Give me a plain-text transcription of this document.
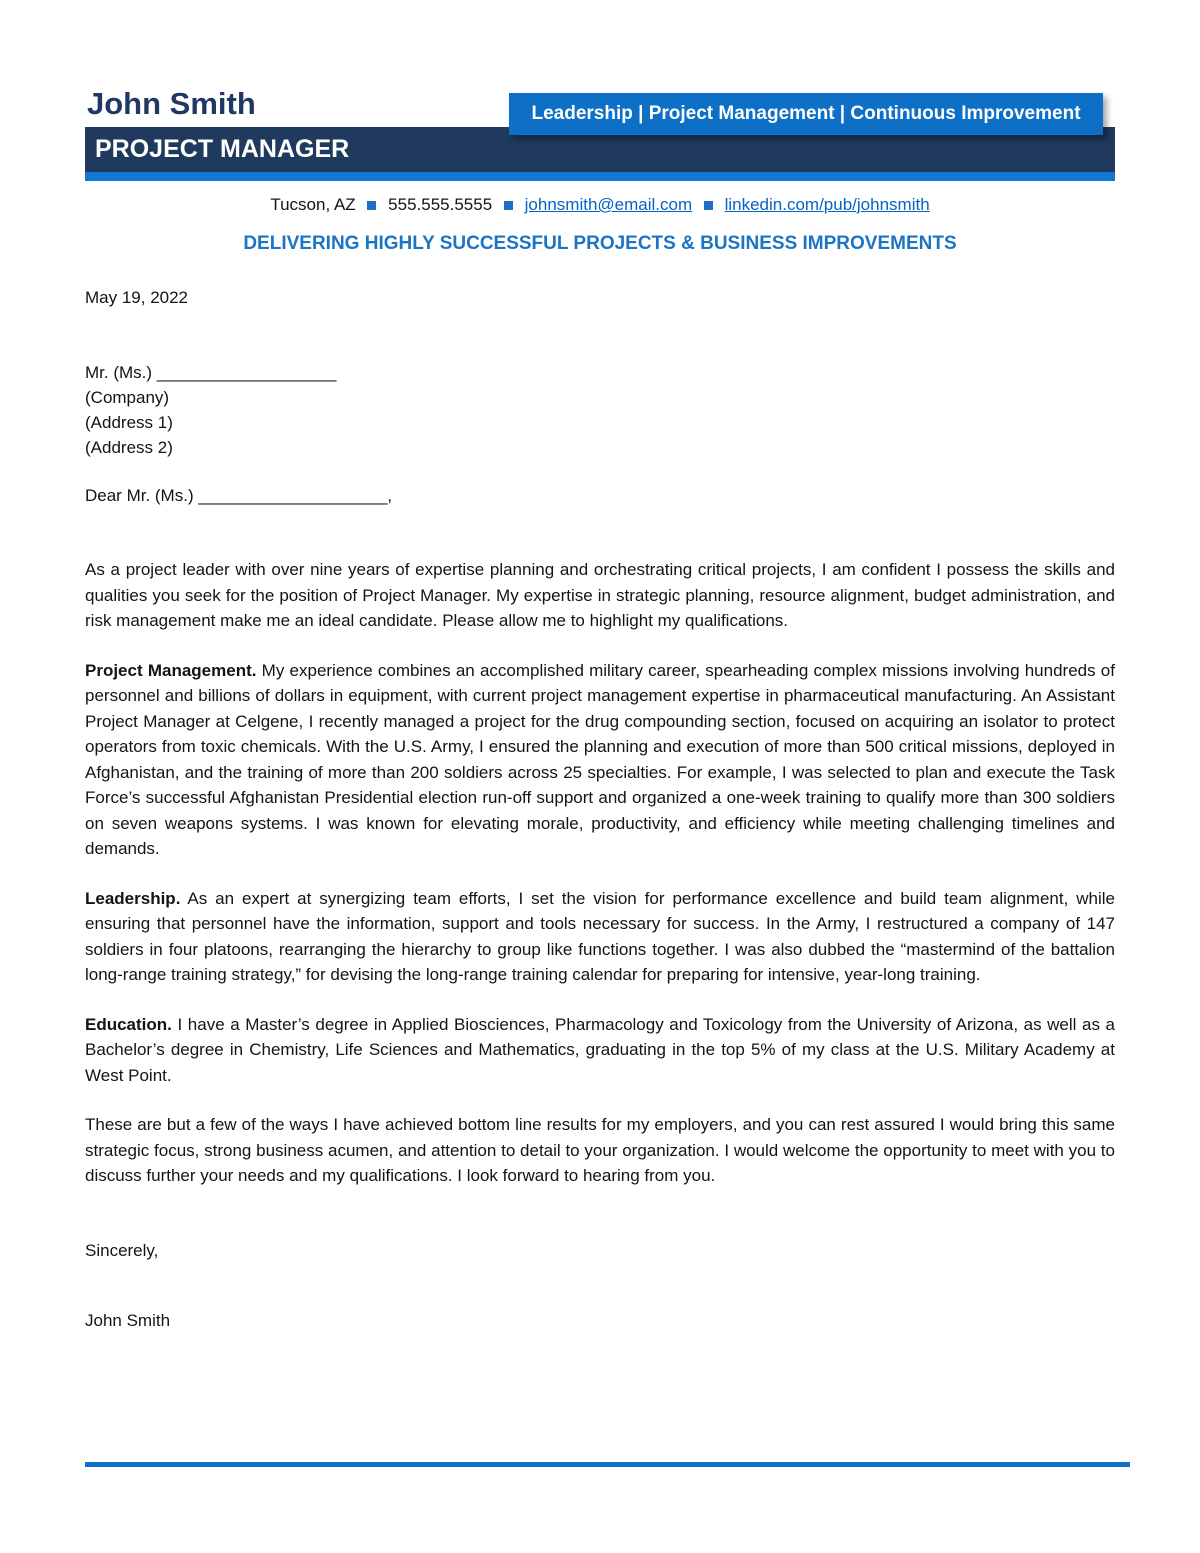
John Smith	Leadership | Project Management | Continuous Improvement
PROJECT MANAGER
Tucson, AZ 555.555.5555 johnsmith@email.com linkedin.com/pub/johnsmith
DELIVERING HIGHLY SUCCESSFUL PROJECTS & BUSINESS IMPROVEMENTS

May 19, 2022

Mr. (Ms.) ___________________
(Company)
(Address 1)
(Address 2)

Dear Mr. (Ms.) ____________________,

As a project leader with over nine years of expertise planning and orchestrating critical projects, I am confident I possess the skills and qualities you seek for the position of Project Manager. My expertise in strategic planning, resource alignment, budget administration, and risk management make me an ideal candidate. Please allow me to highlight my qualifications.

Project Management. My experience combines an accomplished military career, spearheading complex missions involving hundreds of personnel and billions of dollars in equipment, with current project management expertise in pharmaceutical manufacturing. An Assistant Project Manager at Celgene, I recently managed a project for the drug compounding section, focused on acquiring an isolator to protect operators from toxic chemicals. With the U.S. Army, I ensured the planning and execution of more than 500 critical missions, deployed in Afghanistan, and the training of more than 200 soldiers across 25 specialties. For example, I was selected to plan and execute the Task Force’s successful Afghanistan Presidential election run-off support and organized a one-week training to qualify more than 300 soldiers on seven weapons systems. I was known for elevating morale, productivity, and efficiency while meeting challenging timelines and demands.

Leadership. As an expert at synergizing team efforts, I set the vision for performance excellence and build team alignment, while ensuring that personnel have the information, support and tools necessary for success. In the Army, I restructured a company of 147 soldiers in four platoons, rearranging the hierarchy to group like functions together. I was also dubbed the “mastermind of the battalion long-range training strategy,” for devising the long-range training calendar for preparing for intensive, year-long training.

Education. I have a Master’s degree in Applied Biosciences, Pharmacology and Toxicology from the University of Arizona, as well as a Bachelor’s degree in Chemistry, Life Sciences and Mathematics, graduating in the top 5% of my class at the U.S. Military Academy at West Point.

These are but a few of the ways I have achieved bottom line results for my employers, and you can rest assured I would bring this same strategic focus, strong business acumen, and attention to detail to your organization. I would welcome the opportunity to meet with you to discuss further your needs and my qualifications. I look forward to hearing from you.

Sincerely,

John Smith
